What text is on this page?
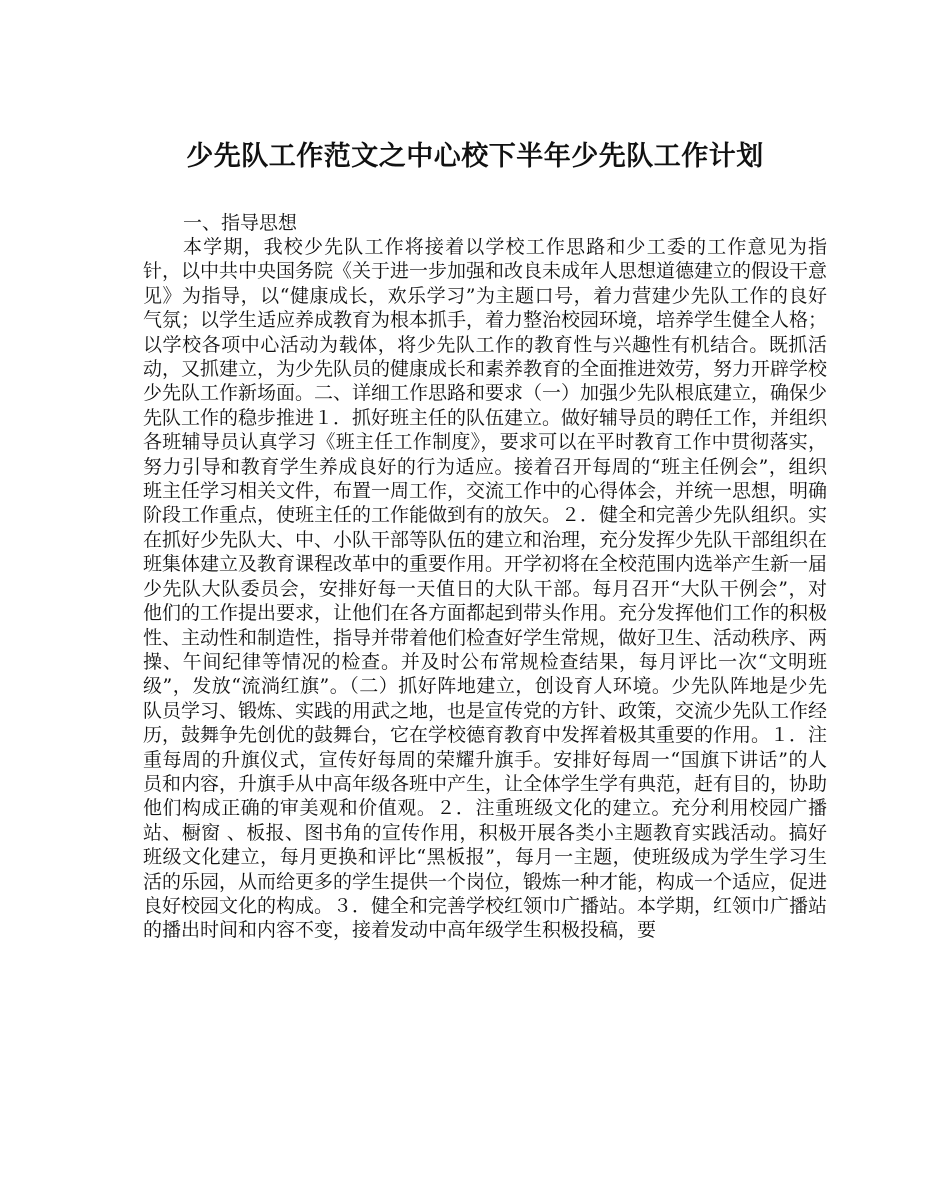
少先队工作范文之中心校下半年少先队工作计划

一、指导思想

本学期，我校少先队工作将接着以学校工作思路和少工委的工作意见为指针，以中共中央国务院《关于进一步加强和改良未成年人思想道德建立的假设干意见》为指导，以“健康成长，欢乐学习”为主题口号，着力营建少先队工作的良好气氛；以学生适应养成教育为根本抓手，着力整治校园环境，培养学生健全人格；以学校各项中心活动为载体，将少先队工作的教育性与兴趣性有机结合。既抓活动，又抓建立，为少先队员的健康成长和素养教育的全面推进效劳，努力开辟学校少先队工作新场面。二、详细工作思路和要求（一）加强少先队根底建立，确保少先队工作的稳步推进１．抓好班主任的队伍建立。做好辅导员的聘任工作，并组织各班辅导员认真学习《班主任工作制度》，要求可以在平时教育工作中贯彻落实，努力引导和教育学生养成良好的行为适应。接着召开每周的“班主任例会”，组织班主任学习相关文件，布置一周工作，交流工作中的心得体会，并统一思想，明确阶段工作重点，使班主任的工作能做到有的放矢。２．健全和完善少先队组织。实在抓好少先队大、中、小队干部等队伍的建立和治理，充分发挥少先队干部组织在班集体建立及教育课程改革中的重要作用。开学初将在全校范围内选举产生新一届少先队大队委员会，安排好每一天值日的大队干部。每月召开“大队干例会”，对他们的工作提出要求，让他们在各方面都起到带头作用。充分发挥他们工作的积极性、主动性和制造性，指导并带着他们检查好学生常规，做好卫生、活动秩序、两操、午间纪律等情况的检查。并及时公布常规检查结果，每月评比一次“文明班级”，发放“流淌红旗”。（二）抓好阵地建立，创设育人环境。少先队阵地是少先队员学习、锻炼、实践的用武之地，也是宣传党的方针、政策，交流少先队工作经历，鼓舞争先创优的鼓舞台，它在学校德育教育中发挥着极其重要的作用。１．注重每周的升旗仪式，宣传好每周的荣耀升旗手。安排好每周一“国旗下讲话”的人员和内容，升旗手从中高年级各班中产生，让全体学生学有典范，赶有目的，协助他们构成正确的审美观和价值观。２．注重班级文化的建立。充分利用校园广播站、橱窗 、板报、图书角的宣传作用，积极开展各类小主题教育实践活动。搞好班级文化建立，每月更换和评比“黑板报”，每月一主题，使班级成为学生学习生活的乐园，从而给更多的学生提供一个岗位，锻炼一种才能，构成一个适应，促进良好校园文化的构成。３．健全和完善学校红领巾广播站。本学期，红领巾广播站的播出时间和内容不变，接着发动中高年级学生积极投稿，要
